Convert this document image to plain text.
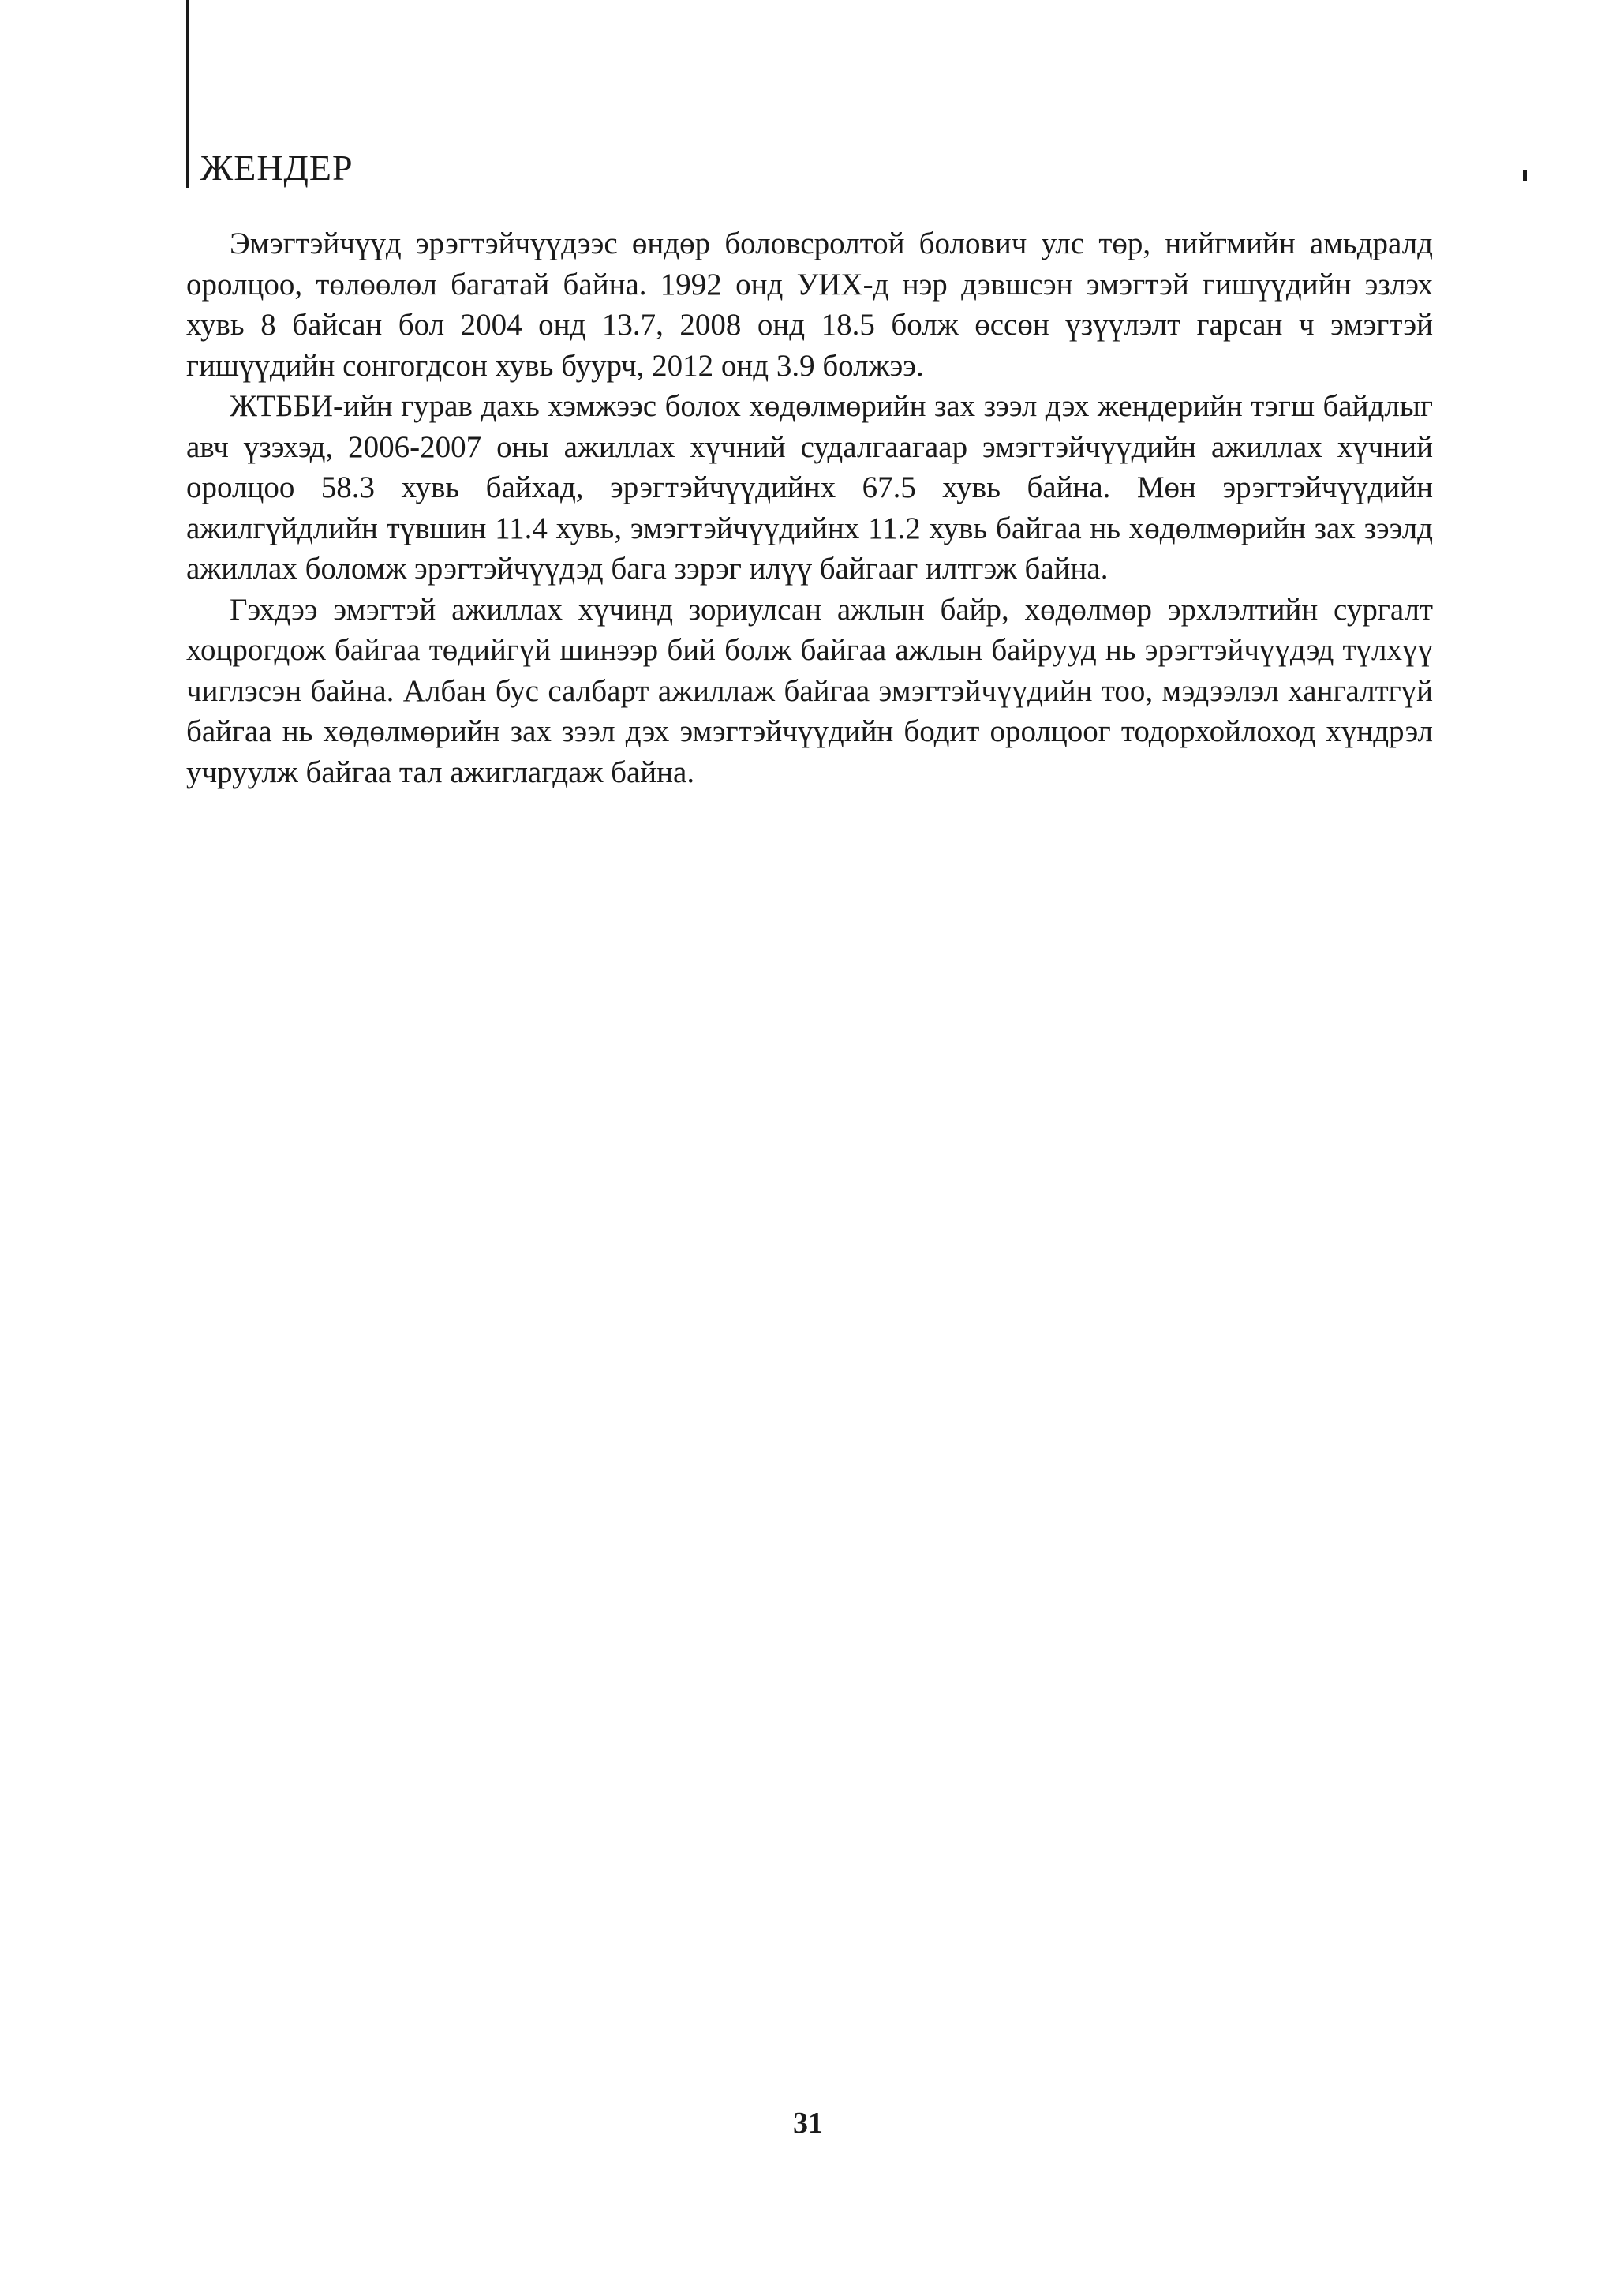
ЖЕНДЕР

Эмэгтэйчүүд эрэгтэйчүүдээс өндөр боловсролтой болович улс төр, нийгмийн амьдралд оролцоо, төлөөлөл багатай байна. 1992 онд УИХ-д нэр дэвшсэн эмэгтэй гишүүдийн эзлэх хувь 8 байсан бол 2004 онд 13.7, 2008 онд 18.5 болж өссөн үзүүлэлт гарсан ч эмэгтэй гишүүдийн сонгогдсон хувь буурч, 2012 онд 3.9 болжээ.

ЖТББИ-ийн гурав дахь хэмжээс болох хөдөлмөрийн зах зээл дэх жендерийн тэгш байдлыг авч үзэхэд, 2006-2007 оны ажиллах хүчний судалгаагаар эмэгтэйчүүдийн ажиллах хүчний оролцоо 58.3 хувь байхад, эрэгтэйчүүдийнх 67.5 хувь байна. Мөн эрэгтэйчүүдийн ажилгүйдлийн түвшин 11.4 хувь, эмэгтэйчүүдийнх 11.2 хувь байгаа нь хөдөлмөрийн зах зээлд ажиллах боломж эрэгтэйчүүдэд бага зэрэг илүү байгааг илтгэж байна.

Гэхдээ эмэгтэй ажиллах хүчинд зориулсан ажлын байр, хөдөлмөр эрхлэлтийн сургалт хоцрогдож байгаа төдийгүй шинээр бий болж байгаа ажлын байрууд нь эрэгтэйчүүдэд түлхүү чиглэсэн байна. Албан бус салбарт ажиллаж байгаа эмэгтэйчүүдийн тоо, мэдээлэл хангалтгүй байгаа нь хөдөлмөрийн зах зээл дэх эмэгтэйчүүдийн бодит оролцоог тодорхойлоход хүндрэл учруулж байгаа тал ажиглагдаж байна.

31
